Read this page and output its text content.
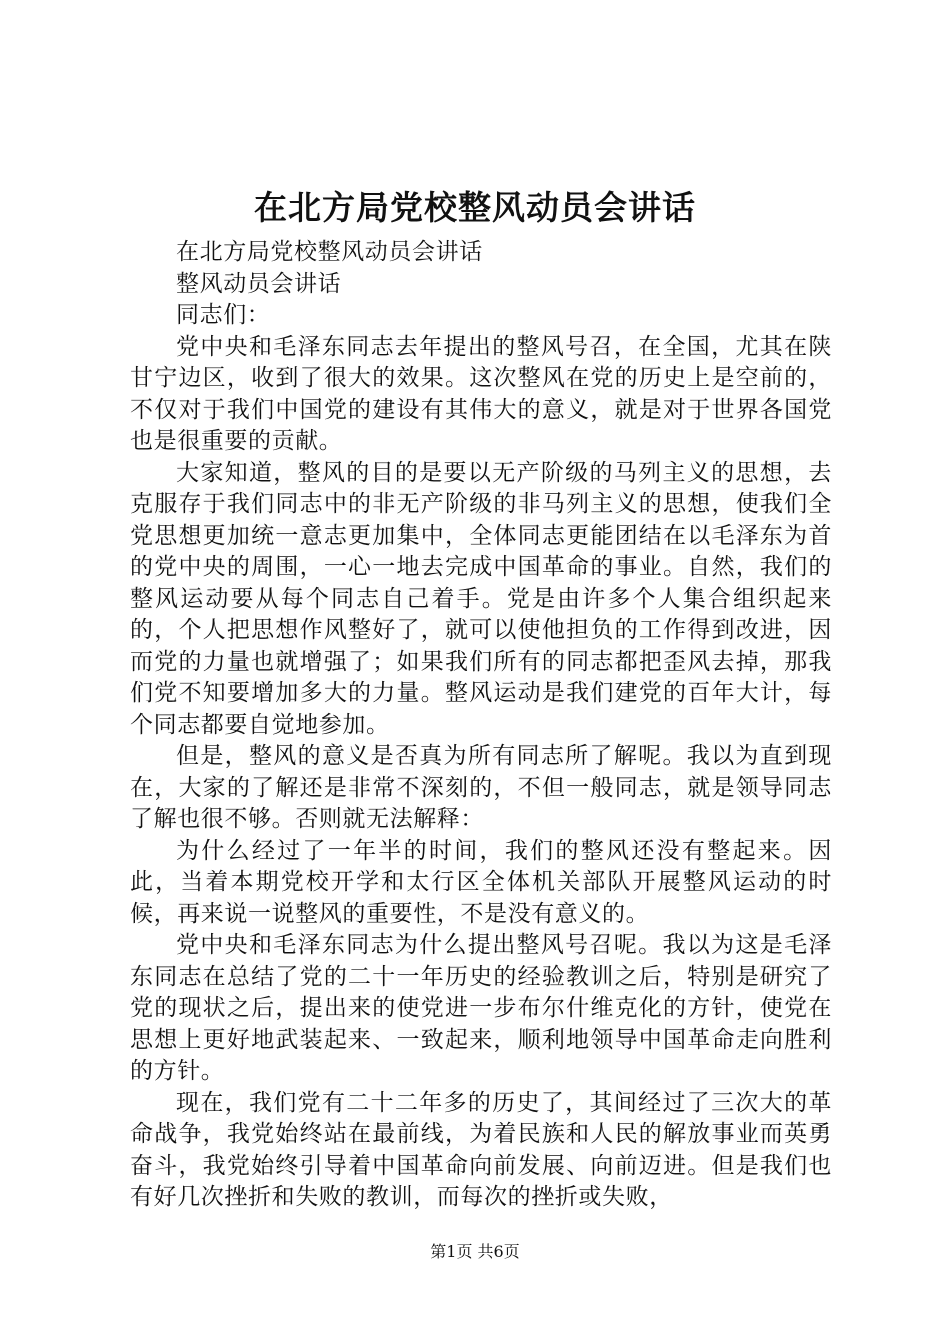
在北方局党校整风动员会讲话

在北方局党校整风动员会讲话

整风动员会讲话

同志们：

党中央和毛泽东同志去年提出的整风号召，在全国，尤其在陕甘宁边区，收到了很大的效果。这次整风在党的历史上是空前的，不仅对于我们中国党的建设有其伟大的意义，就是对于世界各国党也是很重要的贡献。

大家知道，整风的目的是要以无产阶级的马列主义的思想，去克服存于我们同志中的非无产阶级的非马列主义的思想，使我们全党思想更加统一意志更加集中，全体同志更能团结在以毛泽东为首的党中央的周围，一心一地去完成中国革命的事业。自然，我们的整风运动要从每个同志自己着手。党是由许多个人集合组织起来的，个人把思想作风整好了，就可以使他担负的工作得到改进，因而党的力量也就增强了；如果我们所有的同志都把歪风去掉，那我们党不知要增加多大的力量。整风运动是我们建党的百年大计，每个同志都要自觉地参加。

但是，整风的意义是否真为所有同志所了解呢。我以为直到现在，大家的了解还是非常不深刻的，不但一般同志，就是领导同志了解也很不够。否则就无法解释：

为什么经过了一年半的时间，我们的整风还没有整起来。因此，当着本期党校开学和太行区全体机关部队开展整风运动的时候，再来说一说整风的重要性，不是没有意义的。

党中央和毛泽东同志为什么提出整风号召呢。我以为这是毛泽东同志在总结了党的二十一年历史的经验教训之后，特别是研究了党的现状之后，提出来的使党进一步布尔什维克化的方针，使党在思想上更好地武装起来、一致起来，顺利地领导中国革命走向胜利的方针。

现在，我们党有二十二年多的历史了，其间经过了三次大的革命战争，我党始终站在最前线，为着民族和人民的解放事业而英勇奋斗，我党始终引导着中国革命向前发展、向前迈进。但是我们也有好几次挫折和失败的教训，而每次的挫折或失败，

第1页 共6页
